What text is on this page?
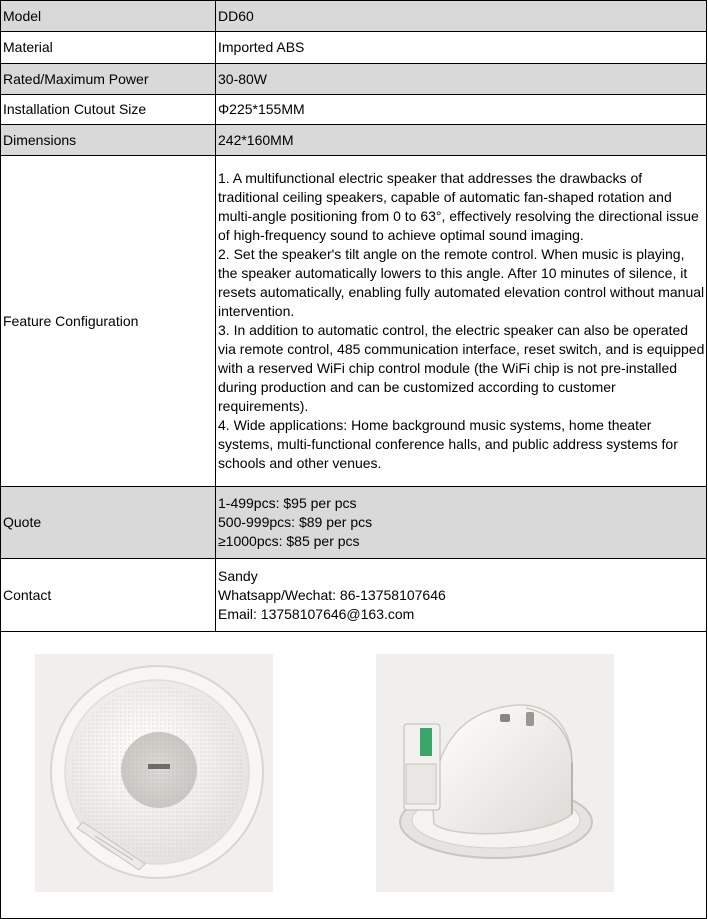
Model	DD60
Material	Imported ABS
Rated/Maximum Power	30-80W
Installation Cutout Size	Φ225*155MM
Dimensions	242*160MM
Feature Configuration	1. A multifunctional electric speaker that addresses the drawbacks of traditional ceiling speakers, capable of automatic fan-shaped rotation and multi-angle positioning from 0 to 63°, effectively resolving the directional issue of high-frequency sound to achieve optimal sound imaging.
2. Set the speaker's tilt angle on the remote control. When music is playing, the speaker automatically lowers to this angle. After 10 minutes of silence, it resets automatically, enabling fully automated elevation control without manual intervention.
3. In addition to automatic control, the electric speaker can also be operated via remote control, 485 communication interface, reset switch, and is equipped with a reserved WiFi chip control module (the WiFi chip is not pre-installed during production and can be customized according to customer requirements).
4. Wide applications: Home background music systems, home theater systems, multi-functional conference halls, and public address systems for schools and other venues.

Quote	1-499pcs: $95 per pcs
500-999pcs: $89 per pcs
≥1000pcs: $85 per pcs

Contact	Sandy
Whatsapp/Wechat: 86-13758107646
Email: 13758107646@163.com
